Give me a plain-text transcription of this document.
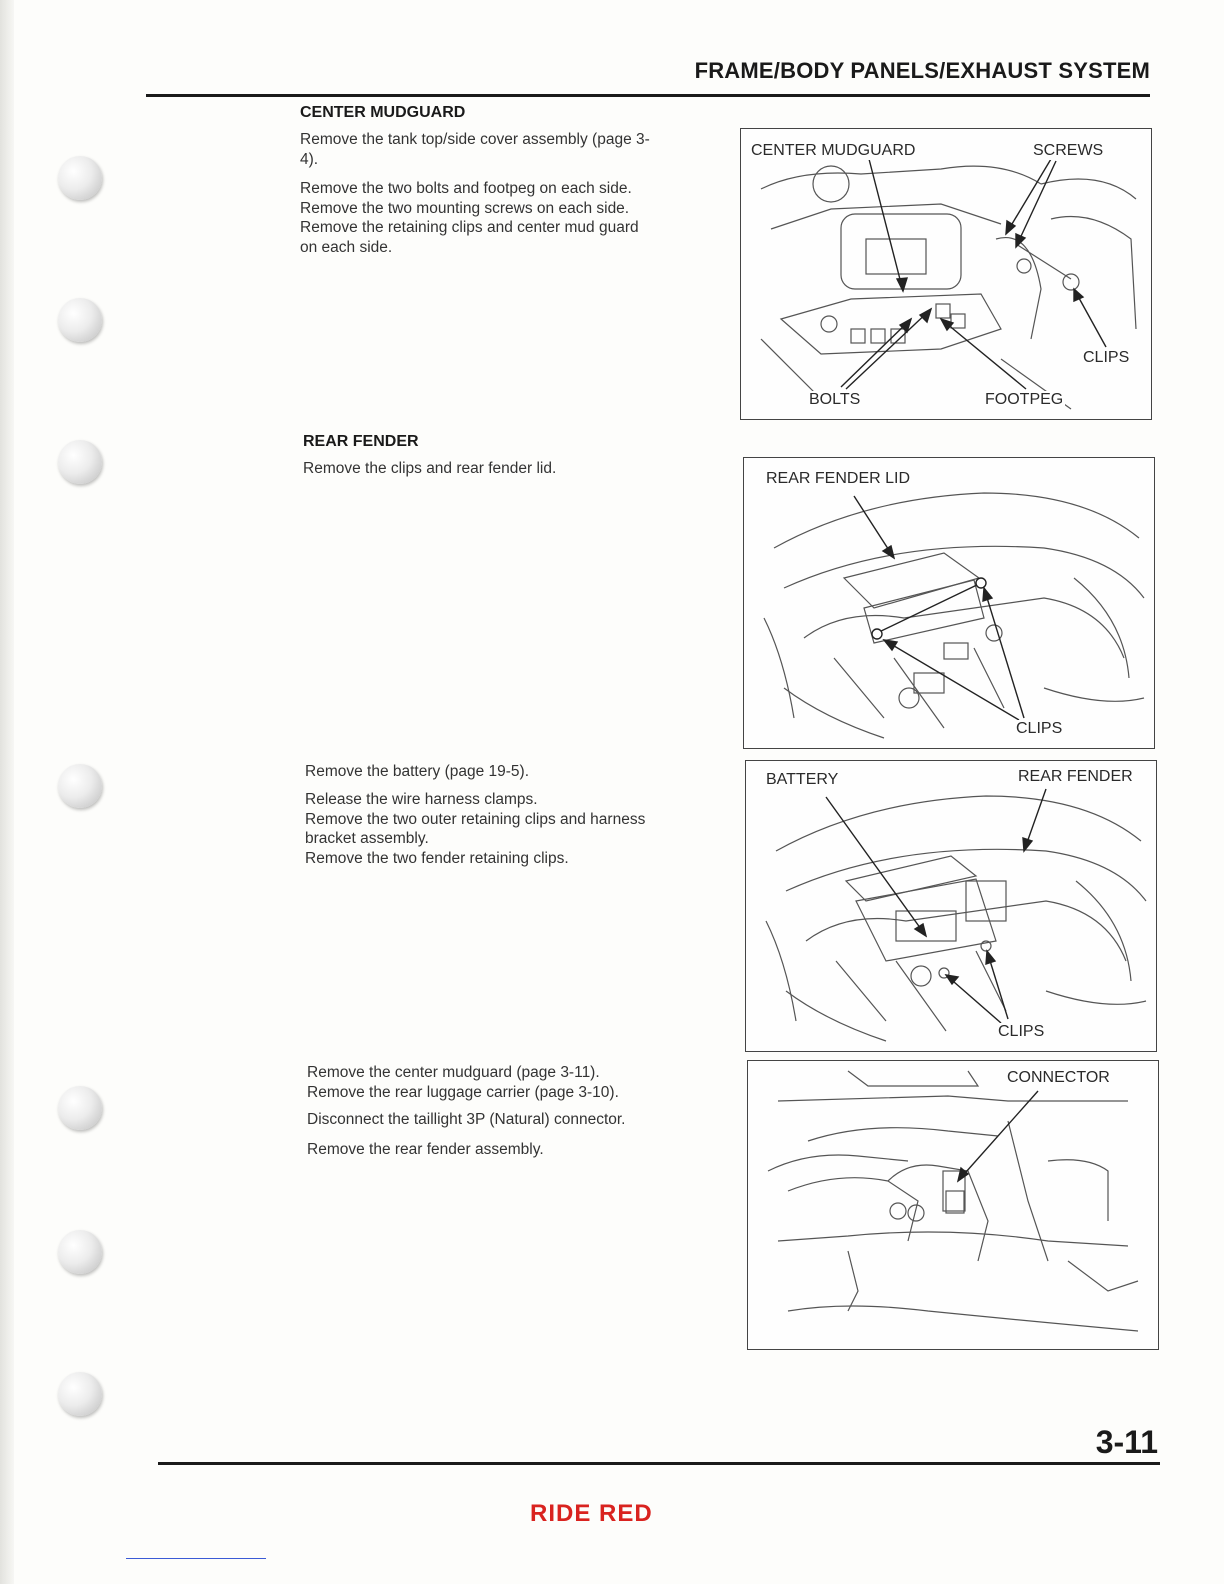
FRAME/BODY PANELS/EXHAUST SYSTEM
CENTER MUDGUARD
Remove the tank top/side cover assembly (page 3-
4).
Remove the two bolts and footpeg on each side.
Remove the two mounting screws on each side.
Remove the retaining clips and center mud guard
on each side.
CENTER MUDGUARD	SCREWS
CLIPS
BOLTS	FOOTPEG
REAR FENDER
Remove the clips and rear fender lid.
REAR FENDER LID
CLIPS
Remove the battery (page 19-5).
Release the wire harness clamps.
Remove the two outer retaining clips and harness
bracket assembly.
Remove the two fender retaining clips.
BATTERY	REAR FENDER
CLIPS
Remove the center mudguard (page 3-11).
Remove the rear luggage carrier (page 3-10).
Disconnect the taillight 3P (Natural) connector.
Remove the rear fender assembly.
CONNECTOR
3-11
RIDE RED
